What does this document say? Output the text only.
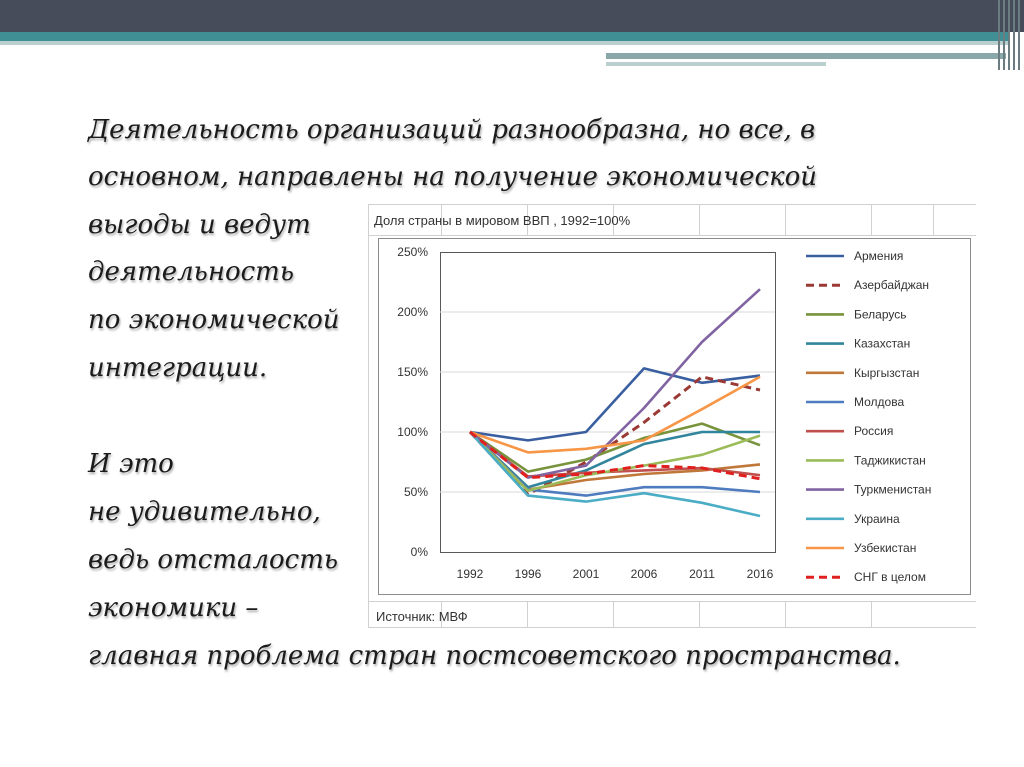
Деятельность организаций разнообразна, но все, в

основном, направлены на получение экономической

выгоды и ведут

деятельность

по экономической

интеграции.

И это

не удивительно,

ведь отсталость

экономики –

главная проблема стран постсоветского пространства.

Доля страны в мировом ВВП , 1992=100%
0%
50%
100%
150%
200%
250%
1992	1996	2001	2006	2011	2016
Армения
Азербайджан
Беларусь
Казахстан
Кыргызстан
Молдова
Россия
Таджикистан
Туркменистан
Украина
Узбекистан
СНГ в целом
Источник: МВФ
